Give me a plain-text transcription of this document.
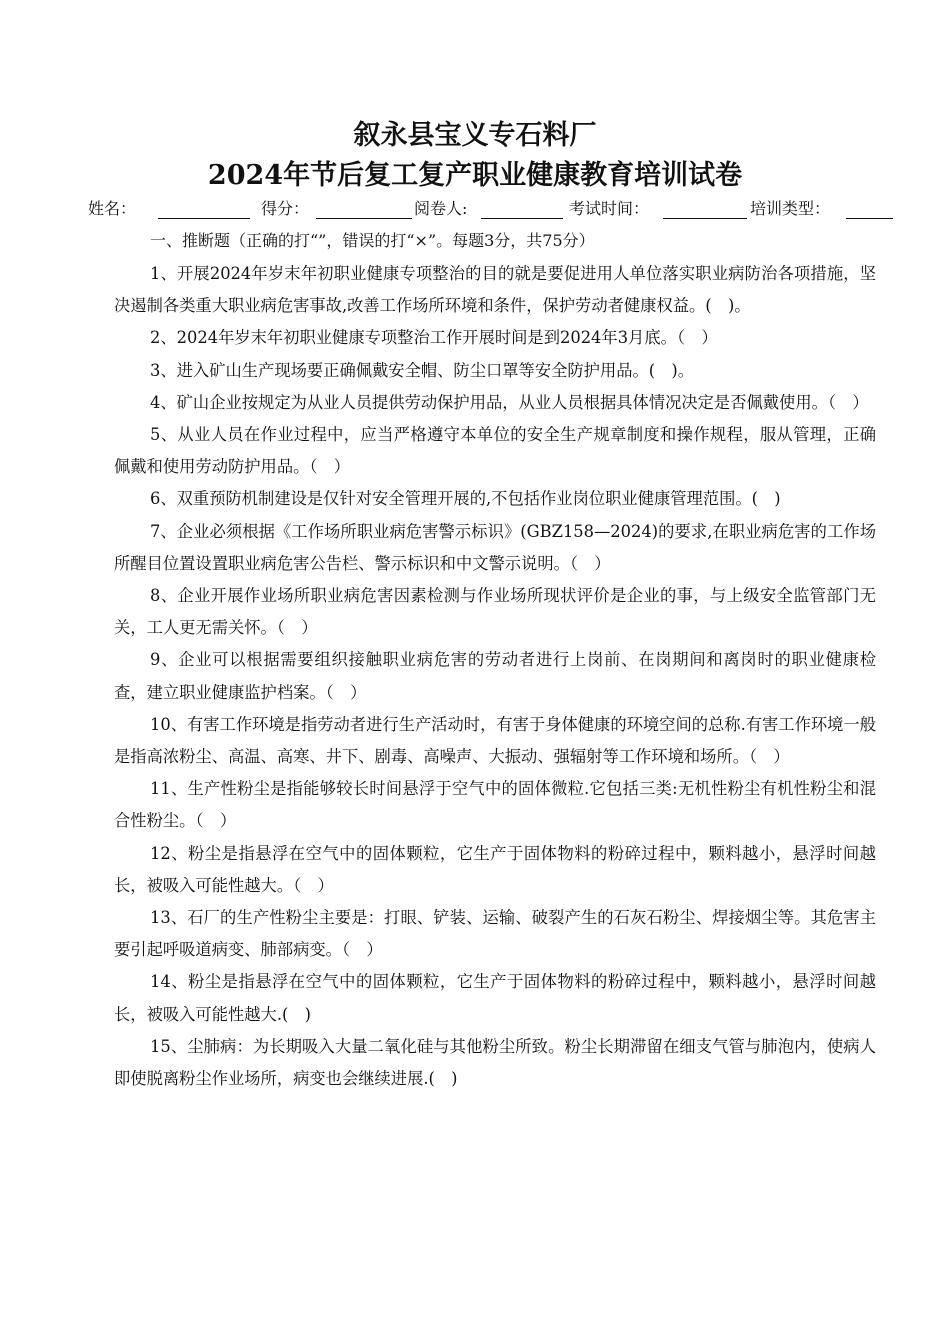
叙永县宝义专石料厂
2024年节后复工复产职业健康教育培训试卷
姓名：	得分：	阅卷人:	考试时间：	培训类型：
一、推断题（正确的打“”，错误的打“×”。每题3分，共75分）

1、开展2024年岁末年初职业健康专项整治的目的就是要促进用人单位落实职业病防治各项措施，坚决遏制各类重大职业病危害事故,改善工作场所环境和条件，保护劳动者健康权益。(　)。

2、2024年岁末年初职业健康专项整治工作开展时间是到2024年3月底。（　）

3、进入矿山生产现场要正确佩戴安全帽、防尘口罩等安全防护用品。(　)。

4、矿山企业按规定为从业人员提供劳动保护用品，从业人员根据具体情况决定是否佩戴使用。（　）

5、从业人员在作业过程中，应当严格遵守本单位的安全生产规章制度和操作规程，服从管理，正确佩戴和使用劳动防护用品。（　）

6、双重预防机制建设是仅针对安全管理开展的,不包括作业岗位职业健康管理范围。(　)

7、企业必须根据《工作场所职业病危害警示标识》(GBZ158—2024)的要求,在职业病危害的工作场所醒目位置设置职业病危害公告栏、警示标识和中文警示说明。（　）

8、企业开展作业场所职业病危害因素检测与作业场所现状评价是企业的事，与上级安全监管部门无关，工人更无需关怀。（　）

9、企业可以根据需要组织接触职业病危害的劳动者进行上岗前、在岗期间和离岗时的职业健康检查，建立职业健康监护档案。（　）

10、有害工作环境是指劳动者进行生产活动时，有害于身体健康的环境空间的总称.有害工作环境一般是指高浓粉尘、高温、高寒、井下、剧毒、高噪声、大振动、强辐射等工作环境和场所。（　）

11、生产性粉尘是指能够较长时间悬浮于空气中的固体微粒.它包括三类:无机性粉尘有机性粉尘和混合性粉尘。（　）

12、粉尘是指悬浮在空气中的固体颗粒，它生产于固体物料的粉碎过程中，颗料越小，悬浮时间越长，被吸入可能性越大。（　）

13、石厂的生产性粉尘主要是：打眼、铲装、运输、破裂产生的石灰石粉尘、焊接烟尘等。其危害主要引起呼吸道病变、肺部病变。（　）

14、粉尘是指悬浮在空气中的固体颗粒，它生产于固体物料的粉碎过程中，颗料越小，悬浮时间越长，被吸入可能性越大.(　)

15、尘肺病：为长期吸入大量二氧化硅与其他粉尘所致。粉尘长期滞留在细支气管与肺泡内，使病人即使脱离粉尘作业场所，病变也会继续进展.(　)
